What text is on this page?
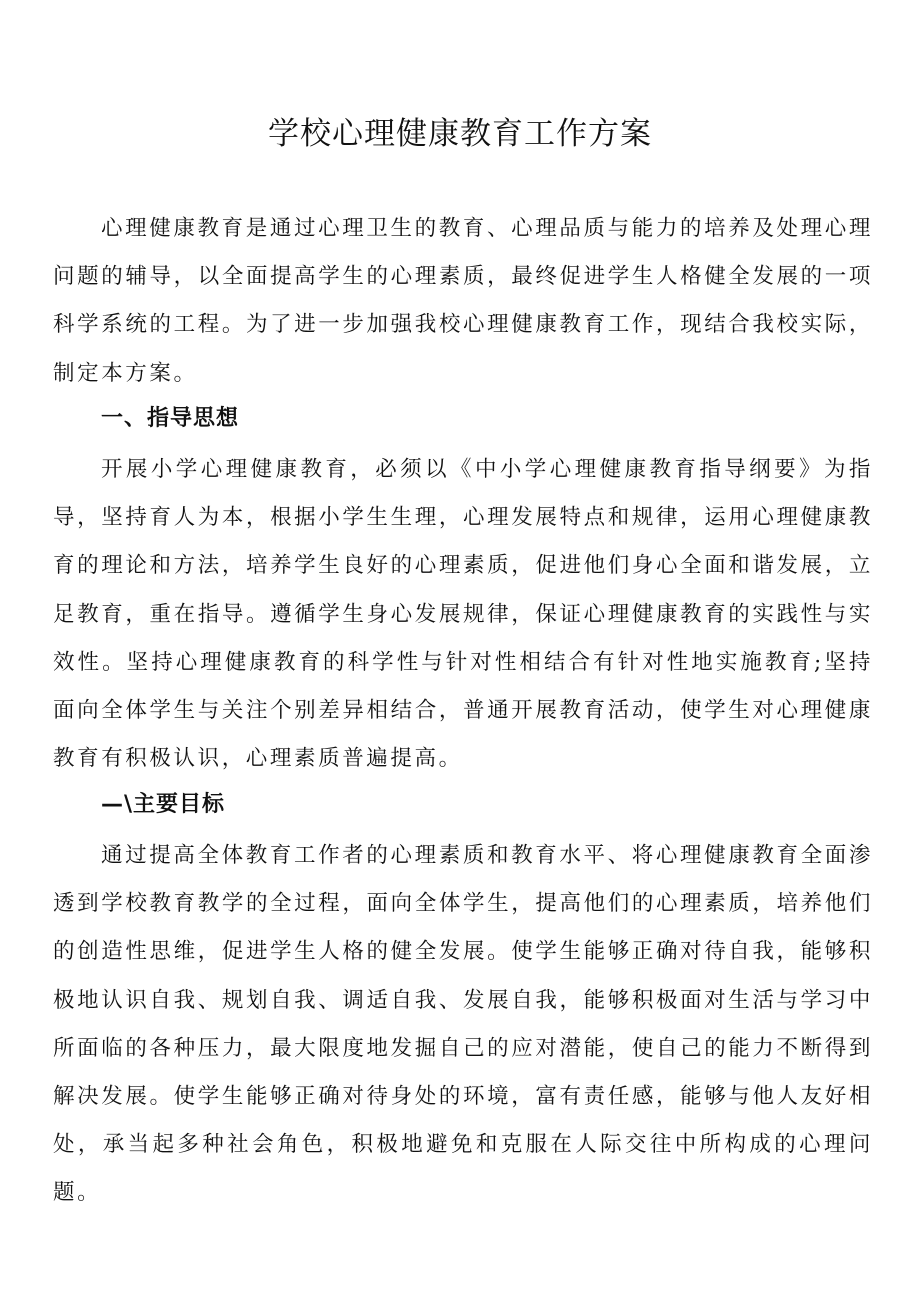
学校心理健康教育工作方案

心理健康教育是通过心理卫生的教育、心理品质与能力的培养及处理心理问题的辅导，以全面提高学生的心理素质，最终促进学生人格健全发展的一项科学系统的工程。为了进一步加强我校心理健康教育工作，现结合我校实际，制定本方案。

一、指导思想

开展小学心理健康教育，必须以《中小学心理健康教育指导纲要》为指导，坚持育人为本，根据小学生生理，心理发展特点和规律，运用心理健康教育的理论和方法，培养学生良好的心理素质，促进他们身心全面和谐发展，立足教育，重在指导。遵循学生身心发展规律，保证心理健康教育的实践性与实效性。坚持心理健康教育的科学性与针对性相结合有针对性地实施教育;坚持面向全体学生与关注个别差异相结合，普通开展教育活动，使学生对心理健康教育有积极认识，心理素质普遍提高。

—\主要目标

通过提高全体教育工作者的心理素质和教育水平、将心理健康教育全面渗透到学校教育教学的全过程，面向全体学生，提高他们的心理素质，培养他们的创造性思维，促进学生人格的健全发展。使学生能够正确对待自我，能够积极地认识自我、规划自我、调适自我、发展自我，能够积极面对生活与学习中所面临的各种压力，最大限度地发掘自己的应对潜能，使自己的能力不断得到解决发展。使学生能够正确对待身处的环境，富有责任感，能够与他人友好相处，承当起多种社会角色，积极地避免和克服在人际交往中所构成的心理问题。
